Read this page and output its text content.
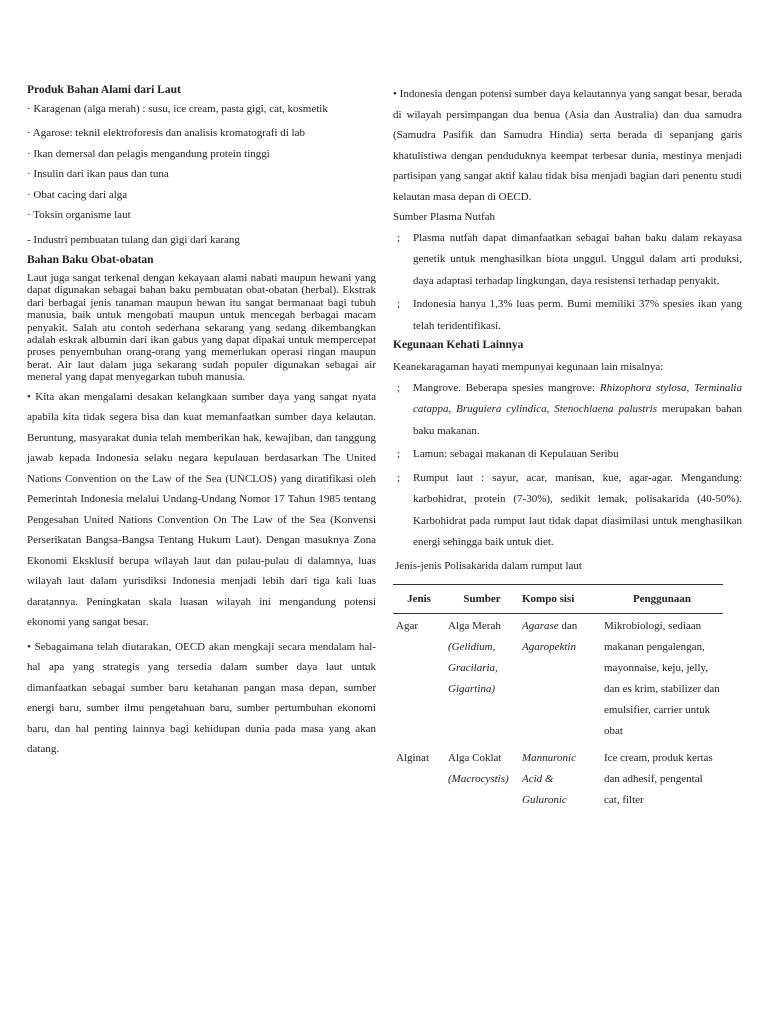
Produk Bahan Alami dari Laut

· Karagenan (alga merah) : susu, ice cream, pasta gigi, cat, kosmetik

· Agarose: teknil elektroforesis dan analisis kromatografi di lab

· Ikan demersal dan pelagis mengandung protein tinggi

· Insulin dari ikan paus dan tuna

· Obat cacing dari alga

· Toksin organisme laut

- Industri pembuatan tulang dan gigi dari karang

Bahan Baku Obat-obatan

Laut juga sangat terkenal dengan kekayaan alami nabati maupun hewani yang dapat digunakan sebagai bahan baku pembuatan obat-obatan (herbal). Ekstrak dari berbagai jenis tanaman maupun hewan itu sangat bermanaat bagi tubuh manusia, baik untuk mengobati maupun untuk mencegah berbagai macam penyakit. Salah atu contoh sederhana sekarang yang sedang dikembangkan adalah eskrak albumin dari ikan gabus yang dapat dipakai untuk mempercepat proses penyembuhan orang-orang yang memerlukan operasi ringan maupun berat. Air laut dalam juga sekarang sudah populer digunakan sebagai air meneral yang dapat menyegarkan tubuh manusia.

• Kita akan mengalami desakan kelangkaan sumber daya yang sangat nyata apabila kita tidak segera bisa dan kuat memanfaatkan sumber daya kelautan. Beruntung, masyarakat dunia telah memberikan hak, kewajiban, dan tanggung jawab kepada Indonesia selaku negara kepulauan berdasarkan The United Nations Convention on the Law of the Sea (UNCLOS) yang diratifikasi oleh Pemerintah Indonesia melalui Undang-Undang Nomor 17 Tahun 1985 tentang Pengesahan United Nations Convention On The Law of the Sea (Konvensi Perserikatan Bangsa-Bangsa Tentang Hukum Laut). Dengan masuknya Zona Ekonomi Eksklusif berupa wilayah laut dan pulau-pulau di dalamnya, luas wilayah laut dalam yurisdiksi Indonesia menjadi lebih dari tiga kali luas daratannya. Peningkatan skala luasan wilayah ini mengandung potensi ekonomi yang sangat besar.

• Sebagaimana telah diutarakan, OECD akan mengkaji secara mendalam hal-hal apa yang strategis yang tersedia dalam sumber daya laut untuk dimanfaatkan sebagai sumber baru ketahanan pangan masa depan, sumber energi baru, sumber ilmu pengetahuan baru, sumber pertumbuhan ekonomi baru, dan hal penting lainnya bagi kehidupan dunia pada masa yang akan datang.

• Indonesia dengan potensi sumber daya kelautannya yang sangat besar, berada di wilayah persimpangan dua benua (Asia dan Australia) dan dua samudra (Samudra Pasifik dan Samudra Hindia) serta berada di sepanjang garis khatulistiwa dengan penduduknya keempat terbesar dunia, mestinya menjadi partisipan yang sangat aktif kalau tidak bisa menjadi bagian dari penentu studi kelautan masa depan di OECD.

Sumber Plasma Nutfah

;	Plasma nutfah dapat dimanfaatkan sebagai bahan baku dalam rekayasa genetik untuk menghasilkan biota unggul. Unggul dalam arti produksi, daya adaptasi terhadap lingkungan, daya resistensi terhadap penyakit.
;	Indonesia hanya 1,3% luas perm. Bumi memiliki 37% spesies ikan yang telah teridentifikasi.
Kegunaan Kehati Lainnya

Keanekaragaman hayati mempunyai kegunaan lain misalnya:

;	Mangrove. Beberapa spesies mangrove: Rhizophora stylosa, Terminalia catappa, Bruguiera cylindica, Stenochlaena palustris merupakan bahan baku makanan.
;	Lamun: sebagai makanan di Kepulauan Seribu
;	Rumput laut : sayur, acar, manisan, kue, agar-agar. Mengandung: karbohidrat, protein (7-30%), sedikit lemak, polisakarida (40-50%). Karbohidrat pada rumput laut tidak dapat diasimilasi untuk menghasilkan energi sehingga baik untuk diet.

Jenis-jenis Polisakarida dalam rumput laut

Jenis	Sumber	Kompo sisi	Penggunaan
Agar	Alga Merah (Gelidium, Gracilaria, Gigartina)	Agarase dan Agaropektin	Mikrobiologi, sediaan makanan pengalengan, mayonnaise, keju, jelly, dan es krim, stabilizer dan emulsifier, carrier untuk obat
Alginat	Alga Coklat (Macrocystis)	Mannuronic Acid & Guluronic	Ice cream, produk kertas dan adhesif, pengental cat, filter
